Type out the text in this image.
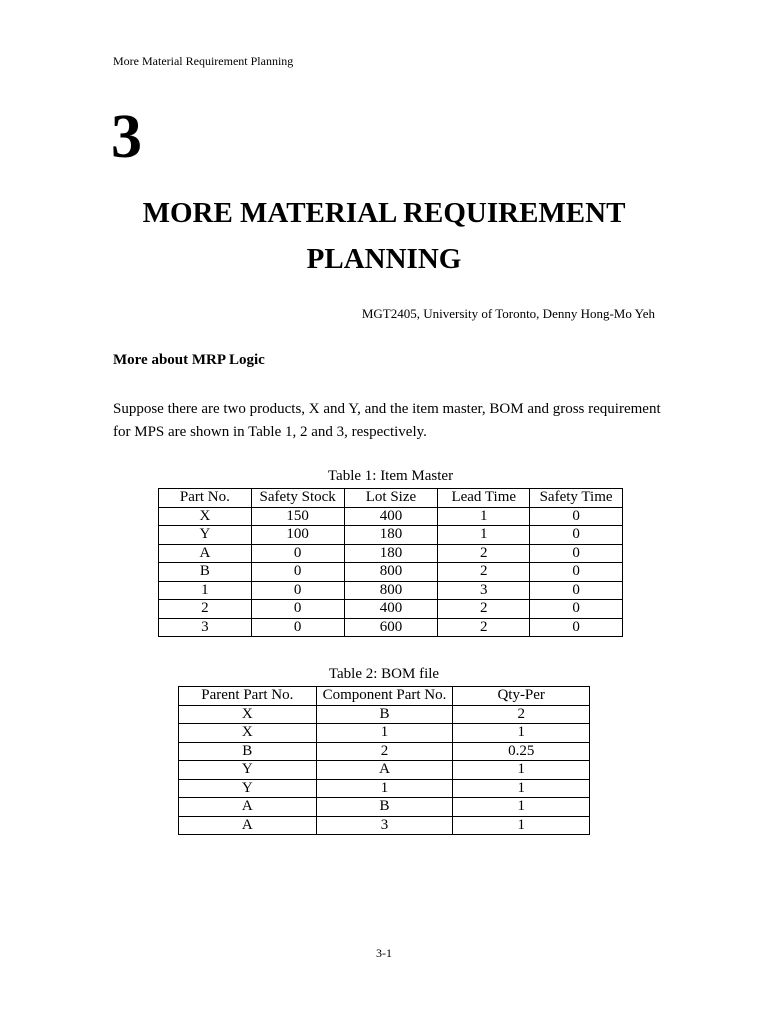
More Material Requirement Planning
3
MORE MATERIAL REQUIREMENT
PLANNING
MGT2405, University of Toronto, Denny Hong-Mo Yeh
More about MRP Logic
Suppose there are two products, X and Y, and the item master, BOM and gross requirement
for MPS are shown in Table 1, 2 and 3, respectively.
Table 1: Item Master
Part No.	Safety Stock	Lot Size	Lead Time	Safety Time
X	150	400	1	0
Y	100	180	1	0
A	0	180	2	0
B	0	800	2	0
1	0	800	3	0
2	0	400	2	0
3	0	600	2	0
Table 2: BOM file
Parent Part No.	Component Part No.	Qty-Per
X	B	2
X	1	1
B	2	0.25
Y	A	1
Y	1	1
A	B	1
A	3	1
3-1
